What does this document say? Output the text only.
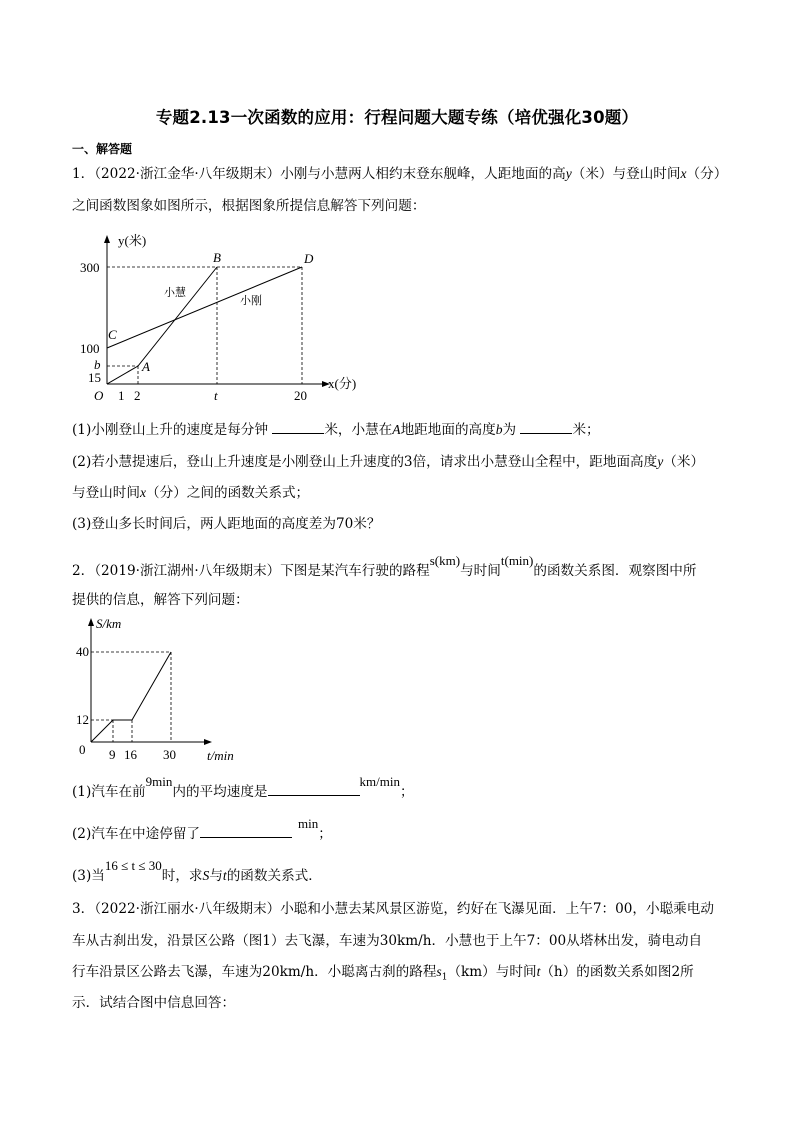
专题2.13一次函数的应用：行程问题大题专练（培优强化30题）
一、解答题
1．（2022·浙江金华·八年级期末）小刚与小慧两人相约末登东舰峰，人距地面的高y（米）与登山时间x（分）
之间函数图象如图所示，根据图象所提信息解答下列问题：
y(米)
x(分)
O
300
100
b
15
1 2	t	20
A
B
C
D
小慧
小刚
(1)小刚登山上升的速度是每分钟	米，小慧在A地距地面的高度b为	米；
(2)若小慧提速后，登山上升速度是小刚登山上升速度的3倍，请求出小慧登山全程中，距地面高度y（米）
与登山时间x（分）之间的函数关系式；
(3)登山多长时间后，两人距地面的高度差为70米？
2．（2019·浙江湖州·八年级期末）下图是某汽车行驶的路程s(km)与时间t(min)的函数关系图．观察图中所
提供的信息，解答下列问题：
S/km
t/min
0
40
12
9 16 30
(1)汽车在前9min内的平均速度是km/min；
(2)汽车在中途停留了min；
(3)当16 ≤ t ≤ 30时，求S与t的函数关系式．
3．（2022·浙江丽水·八年级期末）小聪和小慧去某风景区游览，约好在飞瀑见面．上午7：00，小聪乘电动
车从古刹出发，沿景区公路（图1）去飞瀑，车速为30km/h．小慧也于上午7：00从塔林出发，骑电动自
行车沿景区公路去飞瀑，车速为20km/h．小聪离古刹的路程$s_1(km)$与时间t（h）的函数关系如图2所
示．试结合图中信息回答：
